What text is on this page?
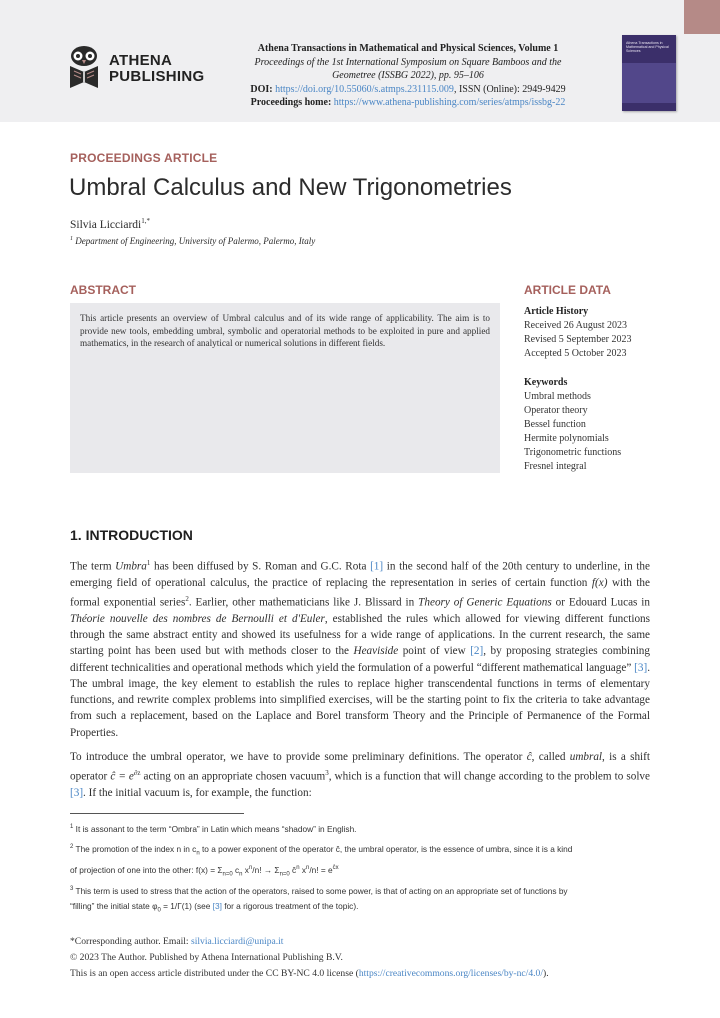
ATHENA
PUBLISHING
Athena Transactions in Mathematical and Physical Sciences, Volume 1
Proceedings of the 1st International Symposium on Square Bamboos and the
Geometree (ISSBG 2022), pp. 95–106
DOI: https://doi.org/10.55060/s.atmps.231115.009, ISSN (Online): 2949-9429
Proceedings home: https://www.athena-publishing.com/series/atmps/issbg-22
Athena Transactions in Mathematical and Physical Sciences
PROCEEDINGS ARTICLE
Umbral Calculus and New Trigonometries
Silvia Licciardi$^{1,*}$
$^1$ Department of Engineering, University of Palermo, Palermo, Italy
ABSTRACT	ARTICLE DATA
This article presents an overview of Umbral calculus and of its wide range of applicability. The aim is to provide new tools, embedding umbral, symbolic and operatorial methods to be exploited in pure and applied mathematics, in the research of analytical or numerical solutions in different fields.
Article History
Received 26 August 2023
Revised 5 September 2023
Accepted 5 October 2023
Keywords
Umbral methods
Operator theory
Bessel function
Hermite polynomials
Trigonometric functions
Fresnel integral
1. INTRODUCTION

The term Umbra$^1$ has been diffused by S. Roman and G.C. Rota [1] in the second half of the 20th century to underline, in the emerging field of operational calculus, the practice of replacing the representation in series of certain function f(x) with the formal exponential series$^2$. Earlier, other mathematicians like J. Blissard in Theory of Generic Equations or Edouard Lucas in Théorie nouvelle des nombres de Bernoulli et d'Euler, established the rules which allowed for viewing different functions through the same abstract entity and showed its usefulness for a wide range of applications. In the current research, the same starting point has been used but with methods closer to the Heaviside point of view [2], by proposing strategies combining different technicalities and operational methods which yield the formulation of a powerful “different mathematical language” [3]. The umbral image, the key element to establish the rules to replace higher transcendental functions in terms of elementary functions, and rewrite complex problems into simplified exercises, will be the starting point to fix the criteria to take advantage from such a replacement, based on the Laplace and Borel transform Theory and the Principle of Permanence of the Formal Properties.

To introduce the umbral operator, we have to provide some preliminary definitions. The operator ĉ, called umbral, is a shift operator ĉ = $e^{\partial z}$ acting on an appropriate chosen vacuum$^3$, which is a function that will change according to the problem to solve [3]. If the initial vacuum is, for example, the function:

$^1$ It is assonant to the term “Ombra” in Latin which means “shadow” in English.

$^2$ The promotion of the index n in $c_n$ to a power exponent of the operator ĉ, the umbral operator, is the essence of umbra, since it is a kind
of projection of one into the other: $f(x) = \Sigma_{n=0}$ $c_n$ $x^n/n$! → $\Sigma_{n=0}$ $ĉ^n$ $x^n/n$! = $e^{ĉx}$

$^3$ This term is used to stress that the action of the operators, raised to some power, is that of acting on an appropriate set of functions by
“filling” the initial state $\varphi_0 = 1/\Gamma(1)$ (see [3] for a rigorous treatment of the topic).

*Corresponding author. Email: silvia.licciardi@unipa.it
© 2023 The Author. Published by Athena International Publishing B.V.
This is an open access article distributed under the CC BY-NC 4.0 license (https://creativecommons.org/licenses/by-nc/4.0/).
